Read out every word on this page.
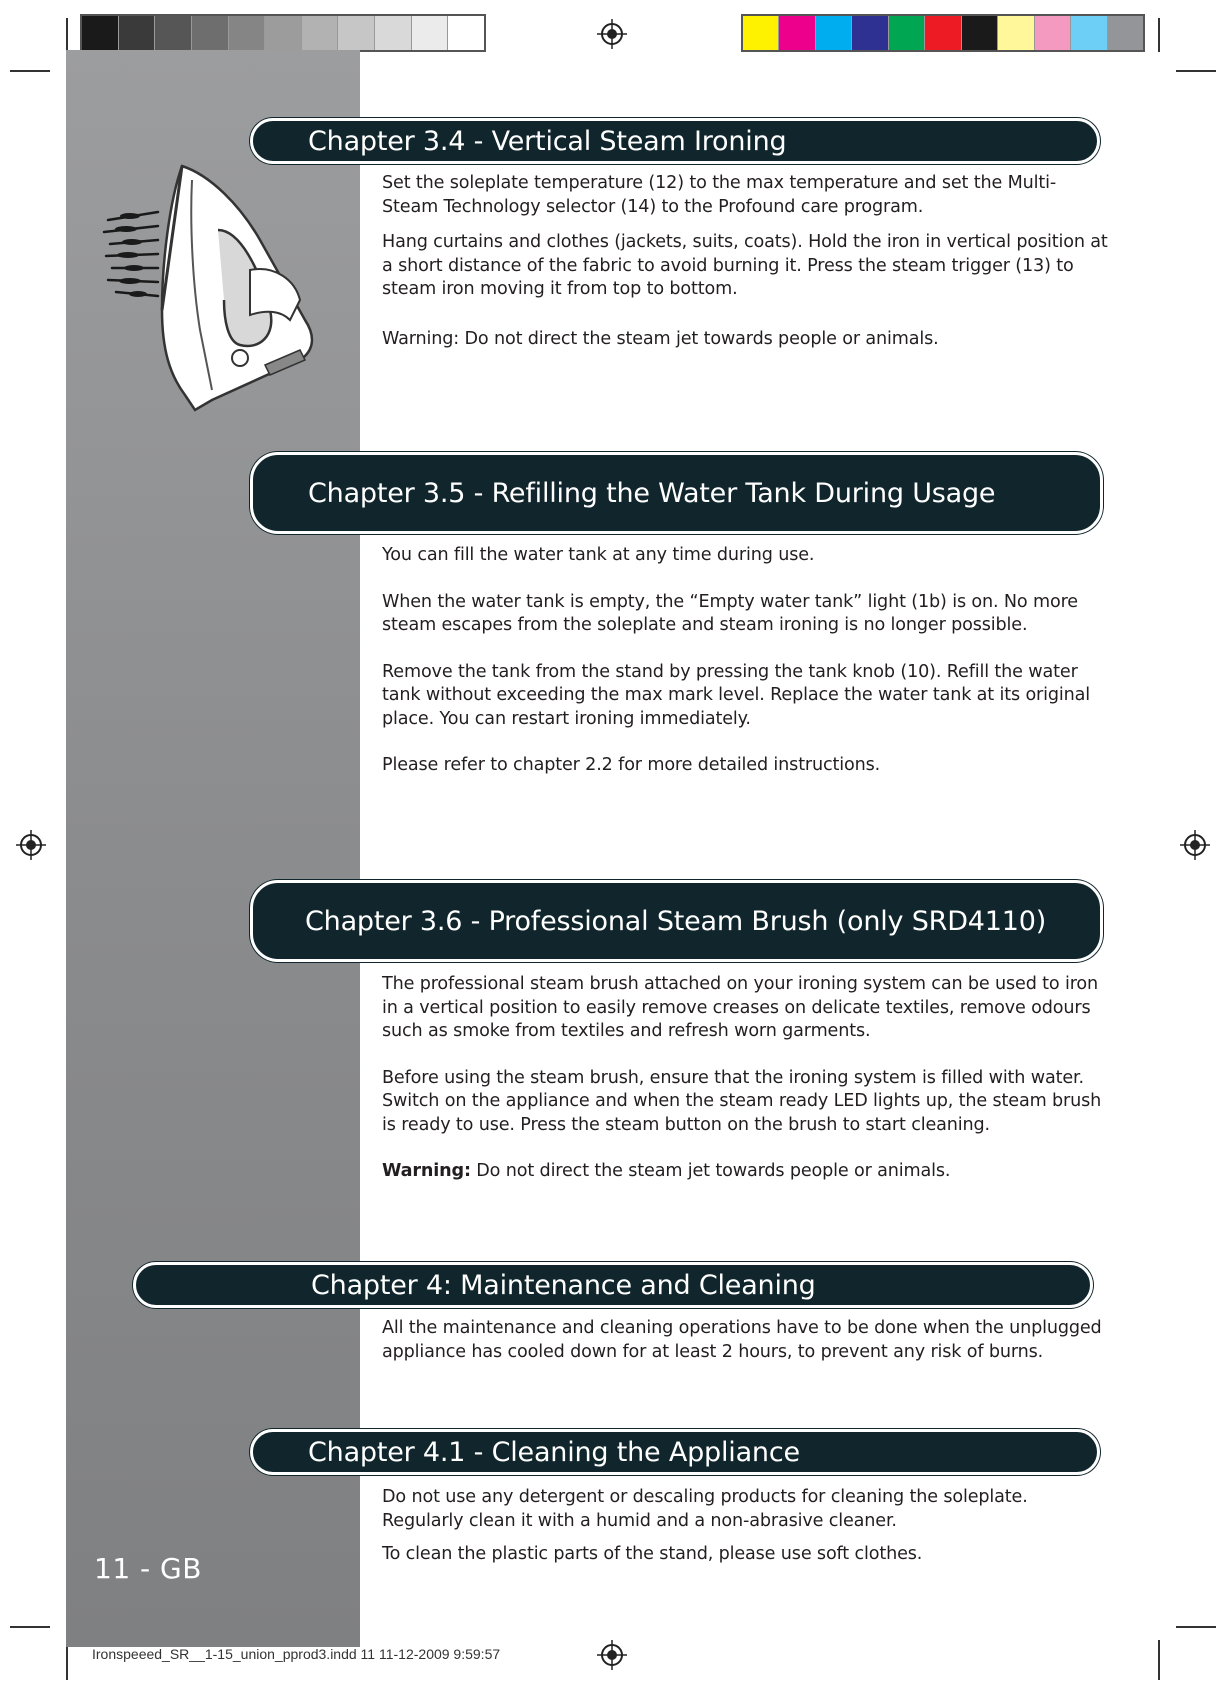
Chapter 3.4 - Vertical Steam Ironing

Set the soleplate temperature (12) to the max temperature and set the Multi-Steam Technology selector (14) to the Profound care program.

Hang curtains and clothes (jackets, suits, coats). Hold the iron in vertical position at a short distance of the fabric to avoid burning it. Press the steam trigger (13) to steam iron moving it from top to bottom.

Warning: Do not direct the steam jet towards people or animals.

Chapter 3.5 - Refilling the Water Tank During Usage

You can fill the water tank at any time during use.

When the water tank is empty, the “Empty water tank” light (1b) is on. No more steam escapes from the soleplate and steam ironing is no longer possible.

Remove the tank from the stand by pressing the tank knob (10). Refill the water tank without exceeding the max mark level. Replace the water tank at its original place. You can restart ironing immediately.

Please refer to chapter 2.2 for more detailed instructions.

Chapter 3.6 - Professional Steam Brush (only SRD4110)

The professional steam brush attached on your ironing system can be used to iron in a vertical position to easily remove creases on delicate textiles, remove odours such as smoke from textiles and refresh worn garments.

Before using the steam brush, ensure that the ironing system is filled with water. Switch on the appliance and when the steam ready LED lights up, the steam brush is ready to use. Press the steam button on the brush to start cleaning.

Warning: Do not direct the steam jet towards people or animals.

Chapter 4: Maintenance and Cleaning

All the maintenance and cleaning operations have to be done when the unplugged appliance has cooled down for at least 2 hours, to prevent any risk of burns.

Chapter 4.1 - Cleaning the Appliance

Do not use any detergent or descaling products for cleaning the soleplate. Regularly clean it with a humid and a non-abrasive cleaner.

To clean the plastic parts of the stand, please use soft clothes.

11 - GB
Ironspeeed_SR__1-15_union_pprod3.indd 11 11-12-2009 9:59:57
